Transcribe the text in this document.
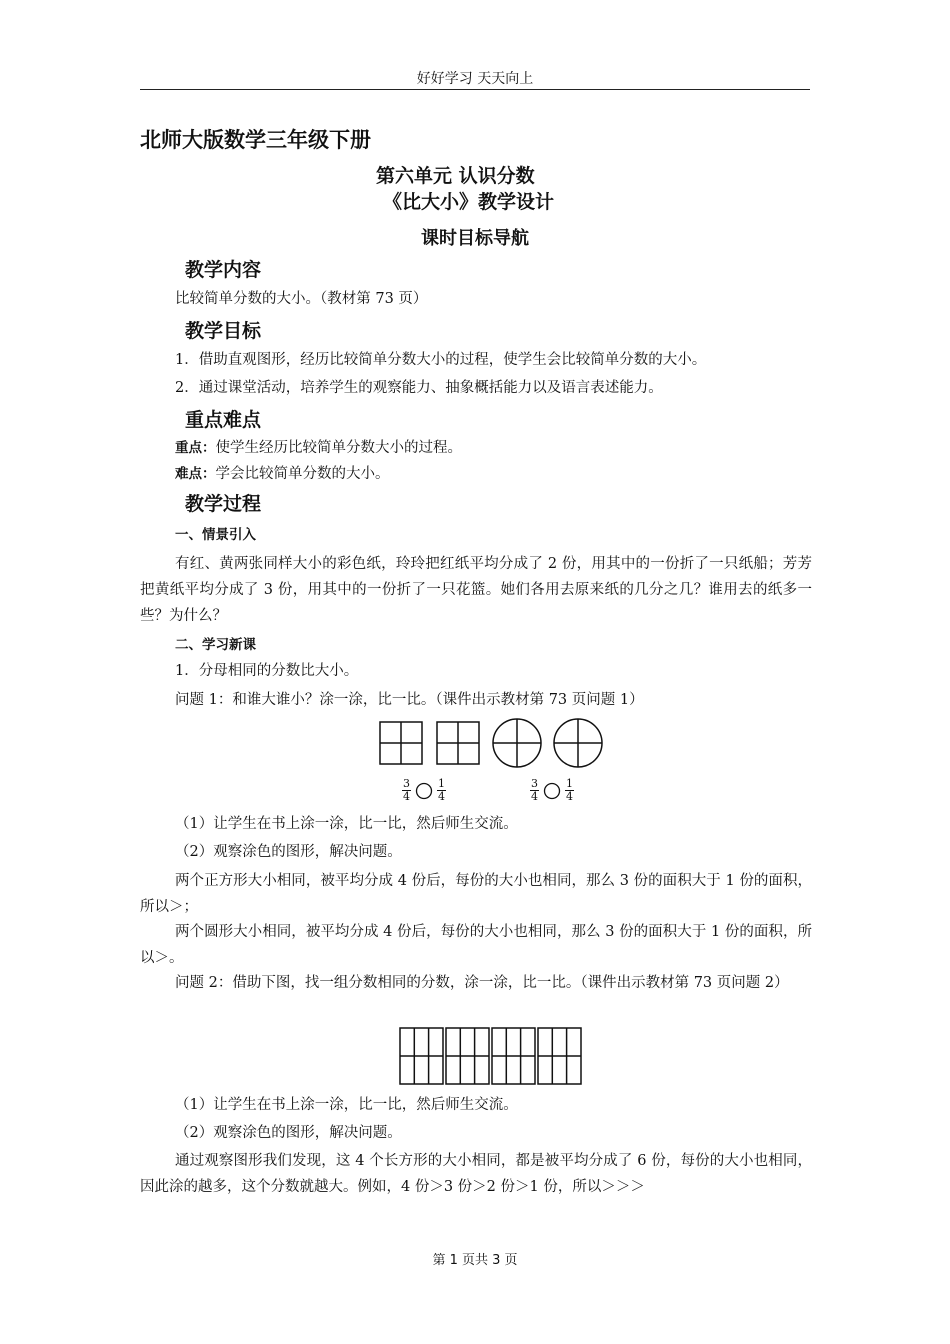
好好学习 天天向上
北师大版数学三年级下册
第六单元 认识分数
《比大小》教学设计
课时目标导航
教学内容
比较简单分数的大小。（教材第 73 页）
教学目标
1．借助直观图形，经历比较简单分数大小的过程，使学生会比较简单分数的大小。
2．通过课堂活动，培养学生的观察能力、抽象概括能力以及语言表述能力。
重点难点
重点：使学生经历比较简单分数大小的过程。
难点：学会比较简单分数的大小。
教学过程
一、情景引入
有红、黄两张同样大小的彩色纸，玲玲把红纸平均分成了 2 份，用其中的一份折了一只纸船；芳芳把黄纸平均分成了 3 份，用其中的一份折了一只花篮。她们各用去原来纸的几分之几？谁用去的纸多一些？为什么？
二、学习新课
1．分母相同的分数比大小。
问题 1：和谁大谁小？涂一涂，比一比。（课件出示教材第 73 页问题 1）
$\frac{3}{4} \frac{1}{4}$	$\frac{3}{4} \frac{1}{4}$
（1）让学生在书上涂一涂，比一比，然后师生交流。
（2）观察涂色的图形，解决问题。
两个正方形大小相同，被平均分成 4 份后，每份的大小也相同，那么 3 份的面积大于 1 份的面积，所以＞；
两个圆形大小相同，被平均分成 4 份后，每份的大小也相同，那么 3 份的面积大于 1 份的面积，所以＞。
问题 2：借助下图，找一组分数相同的分数，涂一涂，比一比。（课件出示教材第 73 页问题 2）
（1）让学生在书上涂一涂，比一比，然后师生交流。
（2）观察涂色的图形，解决问题。
通过观察图形我们发现，这 4 个长方形的大小相同，都是被平均分成了 6 份，每份的大小也相同，因此涂的越多，这个分数就越大。例如，4 份＞3 份＞2 份＞1 份，所以＞＞＞
第 1 页共 3 页
